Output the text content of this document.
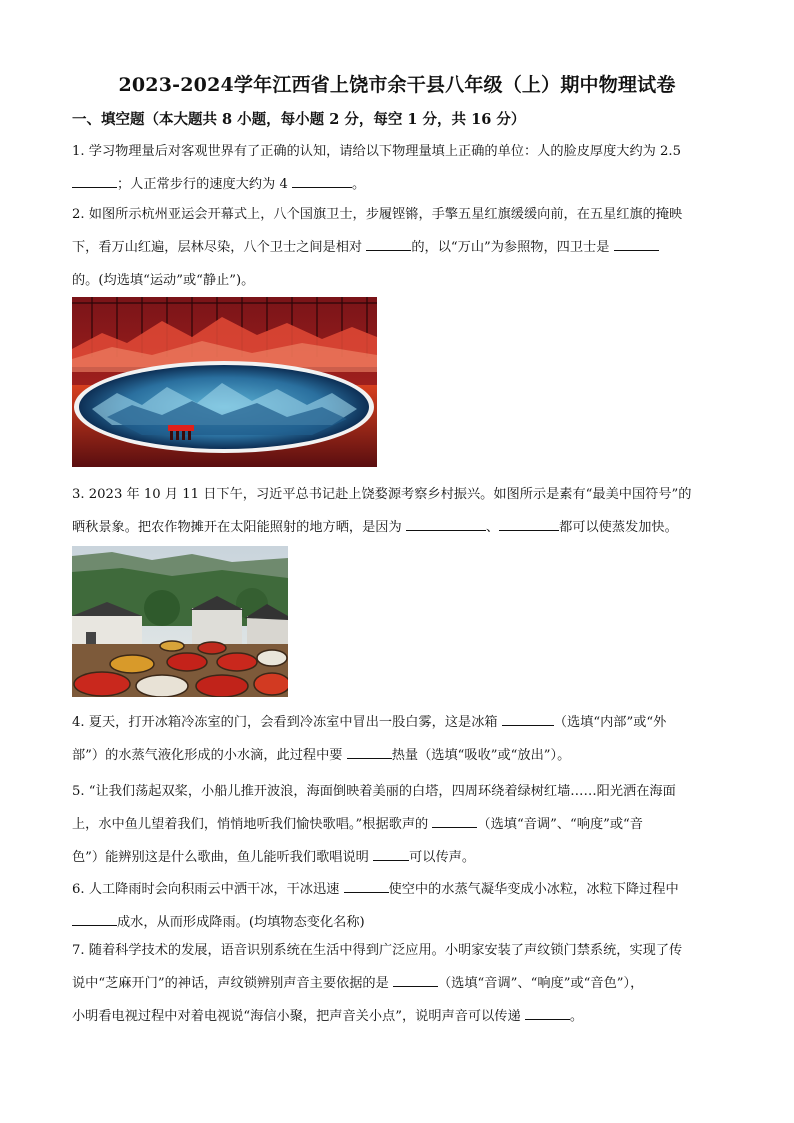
2023-2024学年江西省上饶市余干县八年级（上）期中物理试卷
一、填空题（本大题共 8 小题，每小题 2 分，每空 1 分，共 16 分）
1. 学习物理量后对客观世界有了正确的认知，请给以下物理量填上正确的单位：人的脸皮厚度大约为 2.5
；人正常步行的速度大约为 4	。
2. 如图所示杭州亚运会开幕式上，八个国旗卫士，步履铿锵，手擎五星红旗缓缓向前，在五星红旗的掩映
下，看万山红遍，层林尽染，八个卫士之间是相对	的，以“万山”为参照物，四卫士是
的。(均选填“运动”或“静止”)。
3. 2023 年 10 月 11 日下午，习近平总书记赴上饶婺源考察乡村振兴。如图所示是素有“最美中国符号”的
晒秋景象。把农作物摊开在太阳能照射的地方晒，是因为	、	都可以使蒸发加快。
4. 夏天，打开冰箱冷冻室的门，会看到冷冻室中冒出一股白雾，这是冰箱	（选填“内部”或“外
部”）的水蒸气液化形成的小水滴，此过程中要	热量（选填“吸收”或“放出”）。
5. “让我们荡起双桨，小船儿推开波浪，海面倒映着美丽的白塔，四周环绕着绿树红墙……阳光洒在海面
上，水中鱼儿望着我们，悄悄地听我们愉快歌唱。”根据歌声的	（选填“音调”、“响度”或“音
色”）能辨别这是什么歌曲，鱼儿能听我们歌唱说明	可以传声。
6. 人工降雨时会向积雨云中洒干冰，干冰迅速	使空中的水蒸气凝华变成小冰粒，冰粒下降过程中
成水，从而形成降雨。(均填物态变化名称)
7. 随着科学技术的发展，语音识别系统在生活中得到广泛应用。小明家安装了声纹锁门禁系统，实现了传
说中“芝麻开门”的神话，声纹锁辨别声音主要依据的是	（选填“音调”、“响度”或“音色”），
小明看电视过程中对着电视说“海信小聚，把声音关小点”，说明声音可以传递	。
